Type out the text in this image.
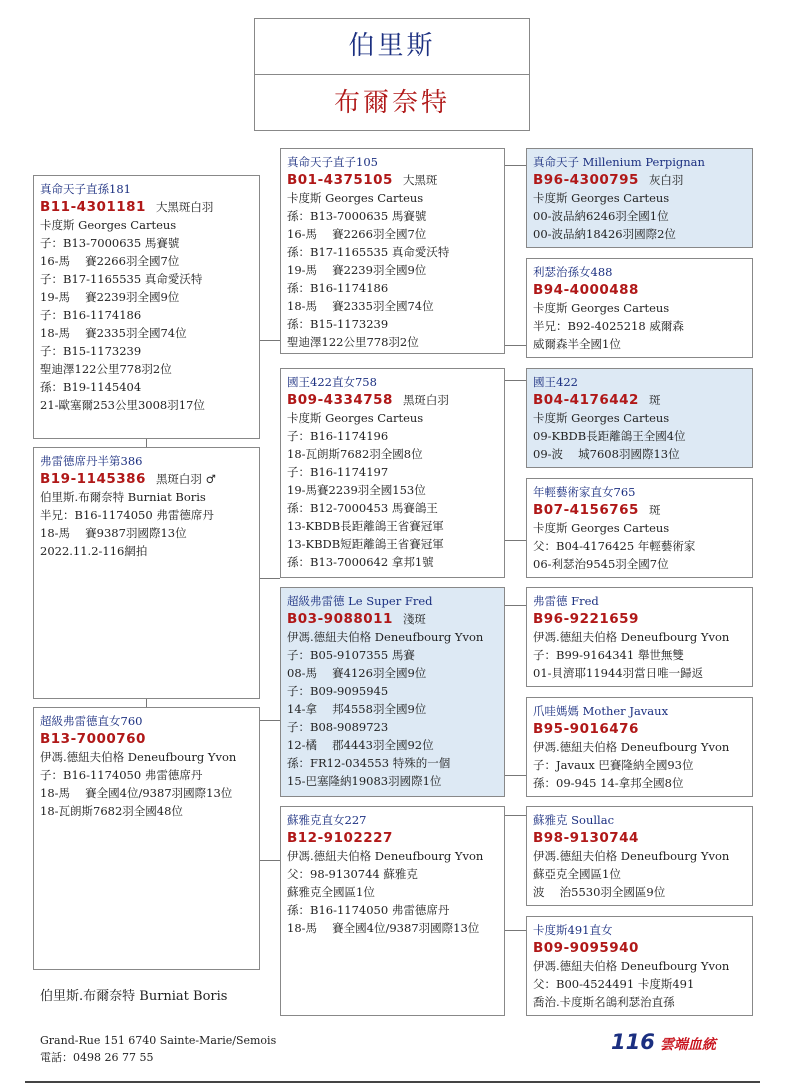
伯里斯
布爾奈特
真命天子直孫181
B11-4301181 大黑斑白羽
卡度斯 Georges Carteus
子：B13-7000635 馬賽號
16-馬　 賽2266羽全國7位
子：B17-1165535 真命愛沃特
19-馬　 賽2239羽全國9位
子：B16-1174186
18-馬　 賽2335羽全國74位
子：B15-1173239
聖迪澤122公里778羽2位
孫：B19-1145404
21-歐塞爾253公里3008羽17位
弗雷德席丹半第386
B19-1145386 黑斑白羽 ♂
伯里斯.布爾奈特 Burniat Boris
半兄：B16-1174050 弗雷德席丹
18-馬　 賽9387羽國際13位
2022.11.2-116網拍
超級弗雷德直女760
B13-7000760
伊馮.德紐夫伯格 Deneufbourg Yvon
子：B16-1174050 弗雷德席丹
18-馬　 賽全國4位/9387羽國際13位
18-瓦朗斯7682羽全國48位
真命天子直子105
B01-4375105 大黑斑
卡度斯 Georges Carteus
孫：B13-7000635 馬賽號
16-馬　 賽2266羽全國7位
孫：B17-1165535 真命愛沃特
19-馬　 賽2239羽全國9位
孫：B16-1174186
18-馬　 賽2335羽全國74位
孫：B15-1173239
聖迪澤122公里778羽2位
國王422直女758
B09-4334758 黑斑白羽
卡度斯 Georges Carteus
子：B16-1174196
18-瓦朗斯7682羽全國8位
子：B16-1174197
19-馬賽2239羽全國153位
孫：B12-7000453 馬賽鴿王
13-KBDB長距離鴿王省賽冠軍
13-KBDB短距離鴿王省賽冠軍
孫：B13-7000642 拿邦1號
超級弗雷德 Le Super Fred
B03-9088011 淺斑
伊馮.德紐夫伯格 Deneufbourg Yvon
子：B05-9107355 馬賽
08-馬　 賽4126羽全國9位
子：B09-9095945
14-拿　 邦4558羽全國9位
子：B08-9089723
12-橘　 郡4443羽全國92位
孫：FR12-034553 特殊的一個
15-巴塞隆納19083羽國際1位
蘇雅克直女227
B12-9102227
伊馮.德紐夫伯格 Deneufbourg Yvon
父：98-9130744 蘇雅克
蘇雅克全國區1位
孫：B16-1174050 弗雷德席丹
18-馬　 賽全國4位/9387羽國際13位
真命天子 Millenium Perpignan
B96-4300795 灰白羽
卡度斯 Georges Carteus
00-波品納6246羽全國1位
00-波品納18426羽國際2位
利瑟治孫女488
B94-4000488
卡度斯 Georges Carteus
半兄：B92-4025218 威爾森
威爾森半全國1位
國王422
B04-4176442 斑
卡度斯 Georges Carteus
09-KBDB長距離鴿王全國4位
09-波　 城7608羽國際13位
年輕藝術家直女765
B07-4156765 斑
卡度斯 Georges Carteus
父：B04-4176425 年輕藝術家
06-利瑟治9545羽全國7位
弗雷德 Fred
B96-9221659
伊馮.德紐夫伯格 Deneufbourg Yvon
子：B99-9164341 舉世無雙
01-貝濟耶11944羽當日唯一歸返
爪哇媽媽 Mother Javaux
B95-9016476
伊馮.德紐夫伯格 Deneufbourg Yvon
子：Javaux 巴賽隆納全國93位
孫：09-945 14-拿邦全國8位
蘇雅克 Soullac
B98-9130744
伊馮.德紐夫伯格 Deneufbourg Yvon
蘇亞克全國區1位
波　 治5530羽全國區9位
卡度斯491直女
B09-9095940
伊馮.德紐夫伯格 Deneufbourg Yvon
父：B00-4524491 卡度斯491
喬治.卡度斯名鴿利瑟治直孫
伯里斯.布爾奈特 Burniat Boris
Grand-Rue 151 6740 Sainte-Marie/Semois
電話：0498 26 77 55
116 雲端血統
